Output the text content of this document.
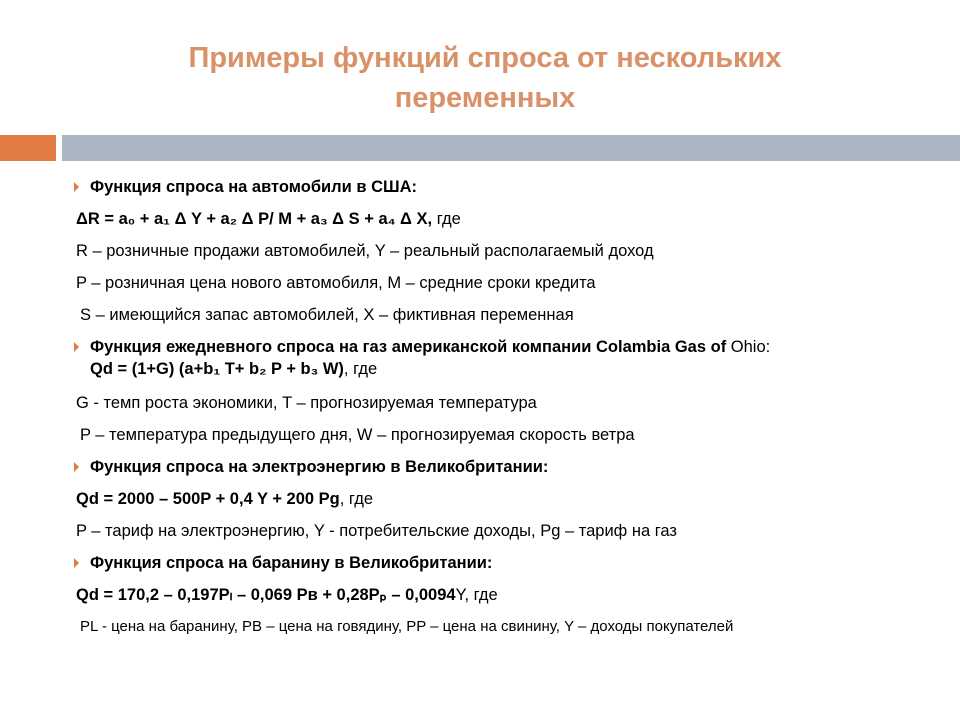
Примеры функций спроса от нескольких
переменных
Функция спроса на автомобили в США:
ΔR = a₀ + a₁ Δ Y + a₂ Δ P/ M + a₃ Δ S + a₄ Δ X, где
R – розничные продажи автомобилей, Y – реальный располагаемый доход
P – розничная цена нового автомобиля, M – средние сроки кредита
S – имеющийся запас автомобилей, X – фиктивная переменная
Функция ежедневного спроса на газ американской компании Colambia Gas of Ohio:
Qd = (1+G) (a+b₁ T+ b₂ P + b₃ W), где
G - темп роста экономики, T – прогнозируемая температура
P – температура предыдущего дня, W – прогнозируемая скорость ветра
Функция спроса на электроэнергию в Великобритании:
Qd = 2000 – 500P + 0,4 Y + 200 Pg, где
P – тариф на электроэнергию, Y - потребительские доходы, Pg – тариф на газ
Функция спроса на баранину в Великобритании:
Qd = 170,2 – 0,197Pₗ – 0,069 Pв + 0,28Pₚ – 0,0094Y, где
PL - цена на баранину, PB – цена на говядину, PP – цена на свинину, Y – доходы покупателей
